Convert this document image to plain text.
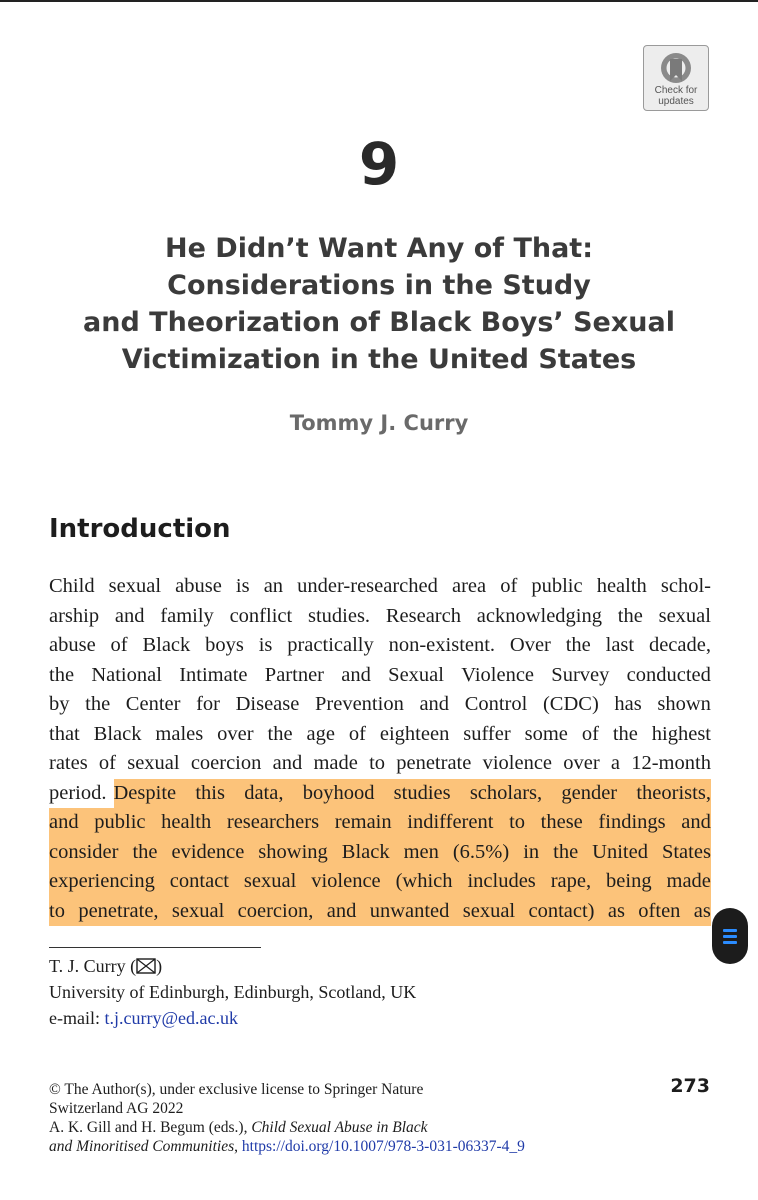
Check for
updates
9
He Didn’t Want Any of That:
Considerations in the Study
and Theorization of Black Boys’ Sexual
Victimization in the United States
Tommy J. Curry
Introduction
Child sexual abuse is an under-researched area of public health schol-
arship and family conflict studies. Research acknowledging the sexual
abuse of Black boys is practically non-existent. Over the last decade,
the National Intimate Partner and Sexual Violence Survey conducted
by the Center for Disease Prevention and Control (CDC) has shown
that Black males over the age of eighteen suffer some of the highest
rates of sexual coercion and made to penetrate violence over a 12-month
period. Despite this data, boyhood studies scholars, gender theorists,
and public health researchers remain indifferent to these findings and
consider the evidence showing Black men (6.5%) in the United States
experiencing contact sexual violence (which includes rape, being made
to penetrate, sexual coercion, and unwanted sexual contact) as often as
T. J. Curry ( )
University of Edinburgh, Edinburgh, Scotland, UK
e-mail: t.j.curry@ed.ac.uk
© The Author(s), under exclusive license to Springer Nature
Switzerland AG 2022
A. K. Gill and H. Begum (eds.), Child Sexual Abuse in Black
and Minoritised Communities, https://doi.org/10.1007/978-3-031-06337-4_9
273
